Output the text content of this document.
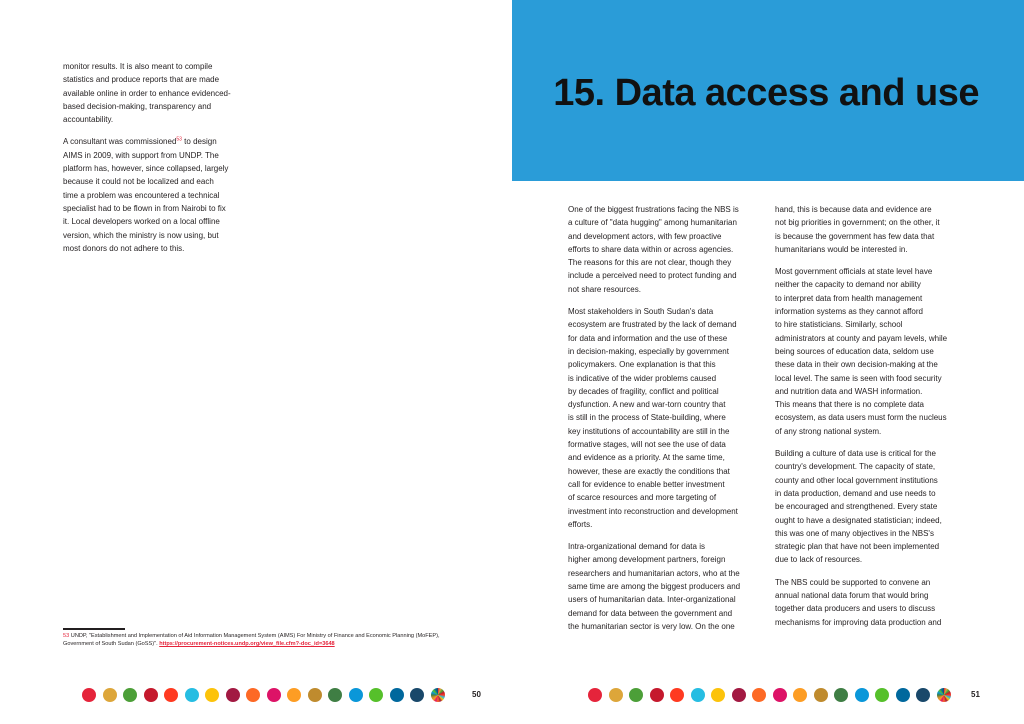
monitor results. It is also meant to compile
statistics and produce reports that are made
available online in order to enhance evidenced-
based decision-making, transparency and
accountability.

A consultant was commissioned$^{53}$ to design
AIMS in 2009, with support from UNDP. The
platform has, however, since collapsed, largely
because it could not be localized and each
time a problem was encountered a technical
specialist had to be flown in from Nairobi to fix
it. Local developers worked on a local offline
version, which the ministry is now using, but
most donors do not adhere to this.

53 UNDP, "Establishment and Implementation of Aid Information Management System (AIMS) For Ministry of Finance and Economic Planning (MoFEP), Government of South Sudan (GoSS)". https://procurement-notices.undp.org/view_file.cfm?-doc_id=3648
50
15. Data access and use

One of the biggest frustrations facing the NBS is
a culture of "data hugging" among humanitarian
and development actors, with few proactive
efforts to share data within or across agencies.
The reasons for this are not clear, though they
include a perceived need to protect funding and
not share resources.

Most stakeholders in South Sudan's data
ecosystem are frustrated by the lack of demand
for data and information and the use of these
in decision-making, especially by government
policymakers. One explanation is that this
is indicative of the wider problems caused
by decades of fragility, conflict and political
dysfunction. A new and war-torn country that
is still in the process of State-building, where
key institutions of accountability are still in the
formative stages, will not see the use of data
and evidence as a priority. At the same time,
however, these are exactly the conditions that
call for evidence to enable better investment
of scarce resources and more targeting of
investment into reconstruction and development
efforts.

Intra-organizational demand for data is
higher among development partners, foreign
researchers and humanitarian actors, who at the
same time are among the biggest producers and
users of humanitarian data. Inter-organizational
demand for data between the government and
the humanitarian sector is very low. On the one

hand, this is because data and evidence are
not big priorities in government; on the other, it
is because the government has few data that
humanitarians would be interested in.

Most government officials at state level have
neither the capacity to demand nor ability
to interpret data from health management
information systems as they cannot afford
to hire statisticians. Similarly, school
administrators at county and payam levels, while
being sources of education data, seldom use
these data in their own decision-making at the
local level. The same is seen with food security
and nutrition data and WASH information.
This means that there is no complete data
ecosystem, as data users must form the nucleus
of any strong national system.

Building a culture of data use is critical for the
country's development. The capacity of state,
county and other local government institutions
in data production, demand and use needs to
be encouraged and strengthened. Every state
ought to have a designated statistician; indeed,
this was one of many objectives in the NBS's
strategic plan that have not been implemented
due to lack of resources.

The NBS could be supported to convene an
annual national data forum that would bring
together data producers and users to discuss
mechanisms for improving data production and

51
